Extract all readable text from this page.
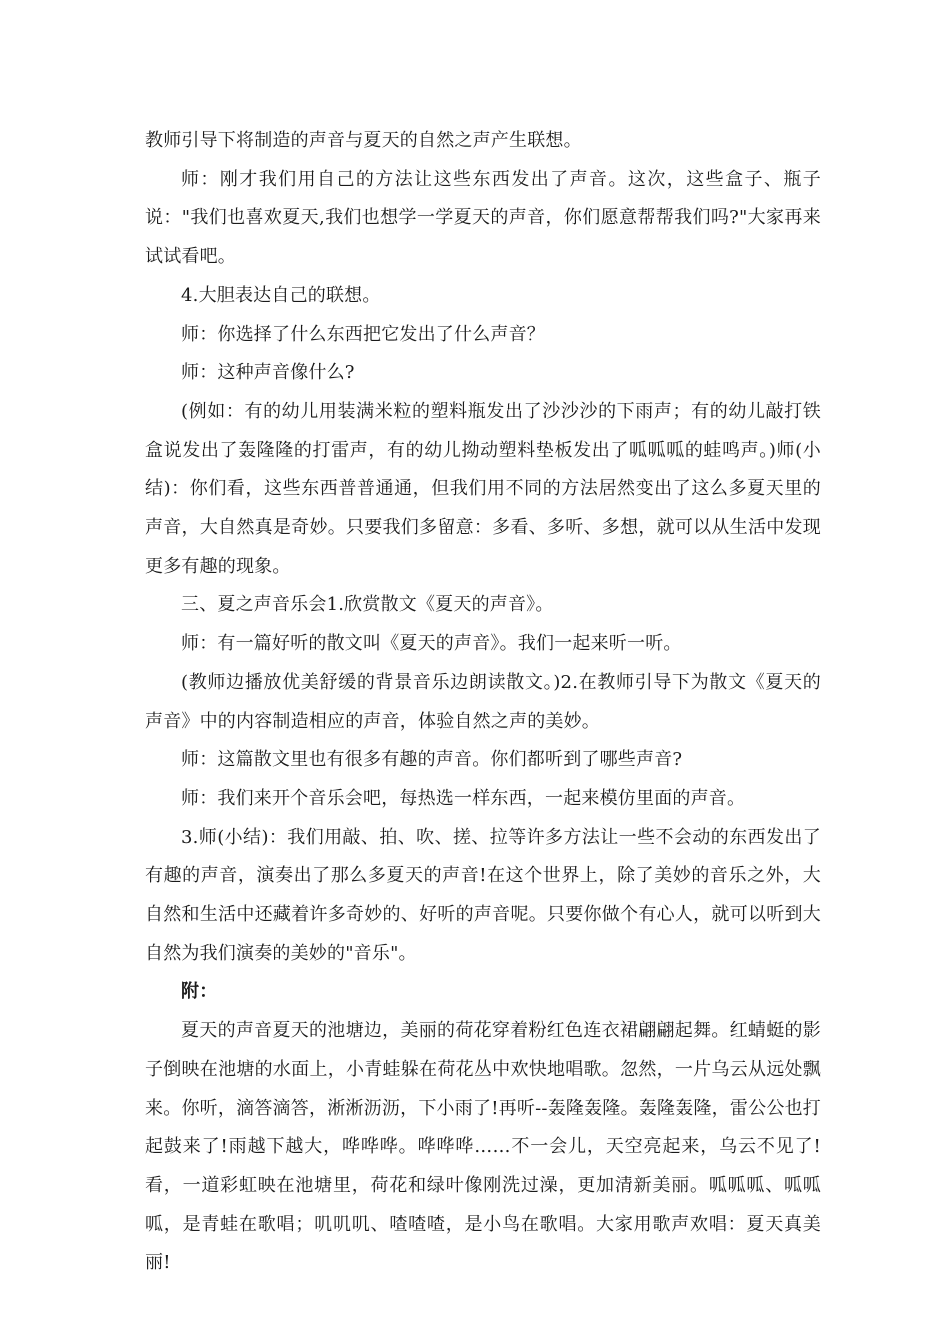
教师引导下将制造的声音与夏天的自然之声产生联想。

师：刚才我们用自己的方法让这些东西发出了声音。这次，这些盒子、瓶子说："我们也喜欢夏天,我们也想学一学夏天的声音，你们愿意帮帮我们吗?"大家再来试试看吧。

4.大胆表达自己的联想。

师：你选择了什么东西把它发出了什么声音？

师：这种声音像什么?

(例如：有的幼儿用装满米粒的塑料瓶发出了沙沙沙的下雨声；有的幼儿敲打铁盒说发出了轰隆隆的打雷声，有的幼儿拗动塑料垫板发出了呱呱呱的蛙鸣声。)师(小结)：你们看，这些东西普普通通，但我们用不同的方法居然变出了这么多夏天里的声音，大自然真是奇妙。只要我们多留意：多看、多听、多想，就可以从生活中发现更多有趣的现象。

三、夏之声音乐会1.欣赏散文《夏天的声音》。

师：有一篇好听的散文叫《夏天的声音》。我们一起来听一听。

(教师边播放优美舒缓的背景音乐边朗读散文。)2.在教师引导下为散文《夏天的声音》中的内容制造相应的声音，体验自然之声的美妙。

师：这篇散文里也有很多有趣的声音。你们都听到了哪些声音?

师：我们来开个音乐会吧，每热选一样东西，一起来模仿里面的声音。

3.师(小结)：我们用敲、拍、吹、搓、拉等许多方法让一些不会动的东西发出了有趣的声音，演奏出了那么多夏天的声音!在这个世界上，除了美妙的音乐之外，大自然和生活中还藏着许多奇妙的、好听的声音呢。只要你做个有心人，就可以听到大自然为我们演奏的美妙的"音乐"。

附：

夏天的声音夏天的池塘边，美丽的荷花穿着粉红色连衣裙翩翩起舞。红蜻蜓的影子倒映在池塘的水面上，小青蛙躲在荷花丛中欢快地唱歌。忽然，一片乌云从远处飘来。你听，滴答滴答，淅淅沥沥，下小雨了!再听--轰隆轰隆。轰隆轰隆，雷公公也打起鼓来了!雨越下越大，哗哗哗。哗哗哗……不一会儿，天空亮起来，乌云不见了!看，一道彩虹映在池塘里，荷花和绿叶像刚洗过澡，更加清新美丽。呱呱呱、呱呱呱，是青蛙在歌唱；叽叽叽、喳喳喳，是小鸟在歌唱。大家用歌声欢唱：夏天真美丽!
